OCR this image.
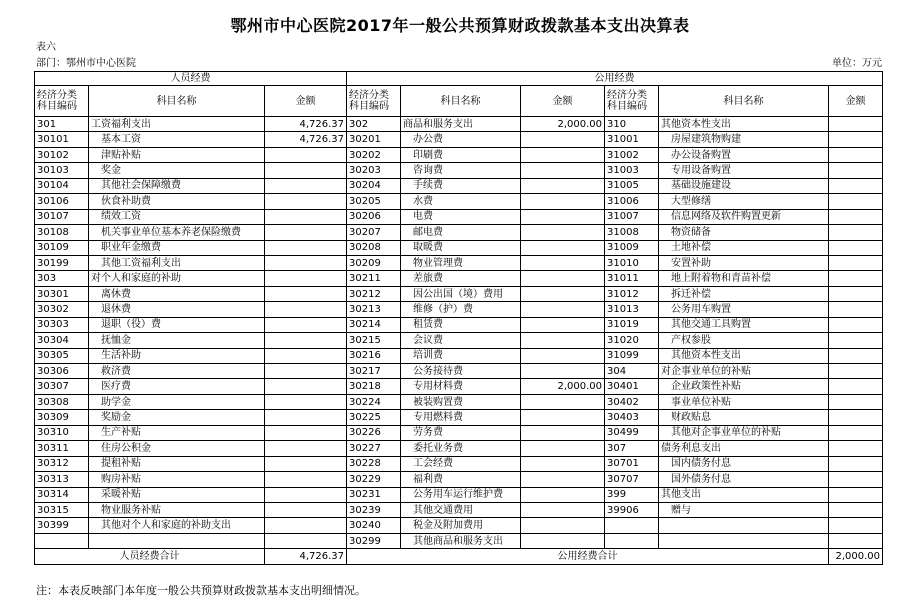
鄂州市中心医院2017年一般公共预算财政拨款基本支出决算表
表六
部门：鄂州市中心医院	单位：万元
人员经费			公用经费					
经济分类
科目编码	科目名称	金额	经济分类
科目编码	科目名称	金额	经济分类
科目编码	科目名称	金额
301	工资福利支出	4,726.37	302	商品和服务支出	2,000.00	310	其他资本性支出	
30101	基本工资	4,726.37	30201	办公费		31001	房屋建筑物购建	
30102	津贴补贴		30202	印刷费		31002	办公设备购置	
30103	奖金		30203	咨询费		31003	专用设备购置	
30104	其他社会保障缴费		30204	手续费		31005	基础设施建设	
30106	伙食补助费		30205	水费		31006	大型修缮	
30107	绩效工资		30206	电费		31007	信息网络及软件购置更新	
30108	机关事业单位基本养老保险缴费		30207	邮电费		31008	物资储备	
30109	职业年金缴费		30208	取暖费		31009	土地补偿	
30199	其他工资福利支出		30209	物业管理费		31010	安置补助	
303	对个人和家庭的补助		30211	差旅费		31011	地上附着物和青苗补偿	
30301	离休费		30212	因公出国（境）费用		31012	拆迁补偿	
30302	退休费		30213	维修（护）费		31013	公务用车购置	
30303	退职（役）费		30214	租赁费		31019	其他交通工具购置	
30304	抚恤金		30215	会议费		31020	产权参股	
30305	生活补助		30216	培训费		31099	其他资本性支出	
30306	救济费		30217	公务接待费		304	对企事业单位的补贴	
30307	医疗费		30218	专用材料费	2,000.00	30401	企业政策性补贴	
30308	助学金		30224	被装购置费		30402	事业单位补贴	
30309	奖励金		30225	专用燃料费		30403	财政贴息	
30310	生产补贴		30226	劳务费		30499	其他对企事业单位的补贴	
30311	住房公积金		30227	委托业务费		307	债务利息支出	
30312	提租补贴		30228	工会经费		30701	国内债务付息	
30313	购房补贴		30229	福利费		30707	国外债务付息	
30314	采暖补贴		30231	公务用车运行维护费		399	其他支出	
30315	物业服务补贴		30239	其他交通费用		39906	赠与	
30399	其他对个人和家庭的补助支出		30240	税金及附加费用				
			30299	其他商品和服务支出				
人员经费合计		4,726.37	公用经费合计					2,000.00
注：本表反映部门本年度一般公共预算财政拨款基本支出明细情况。
